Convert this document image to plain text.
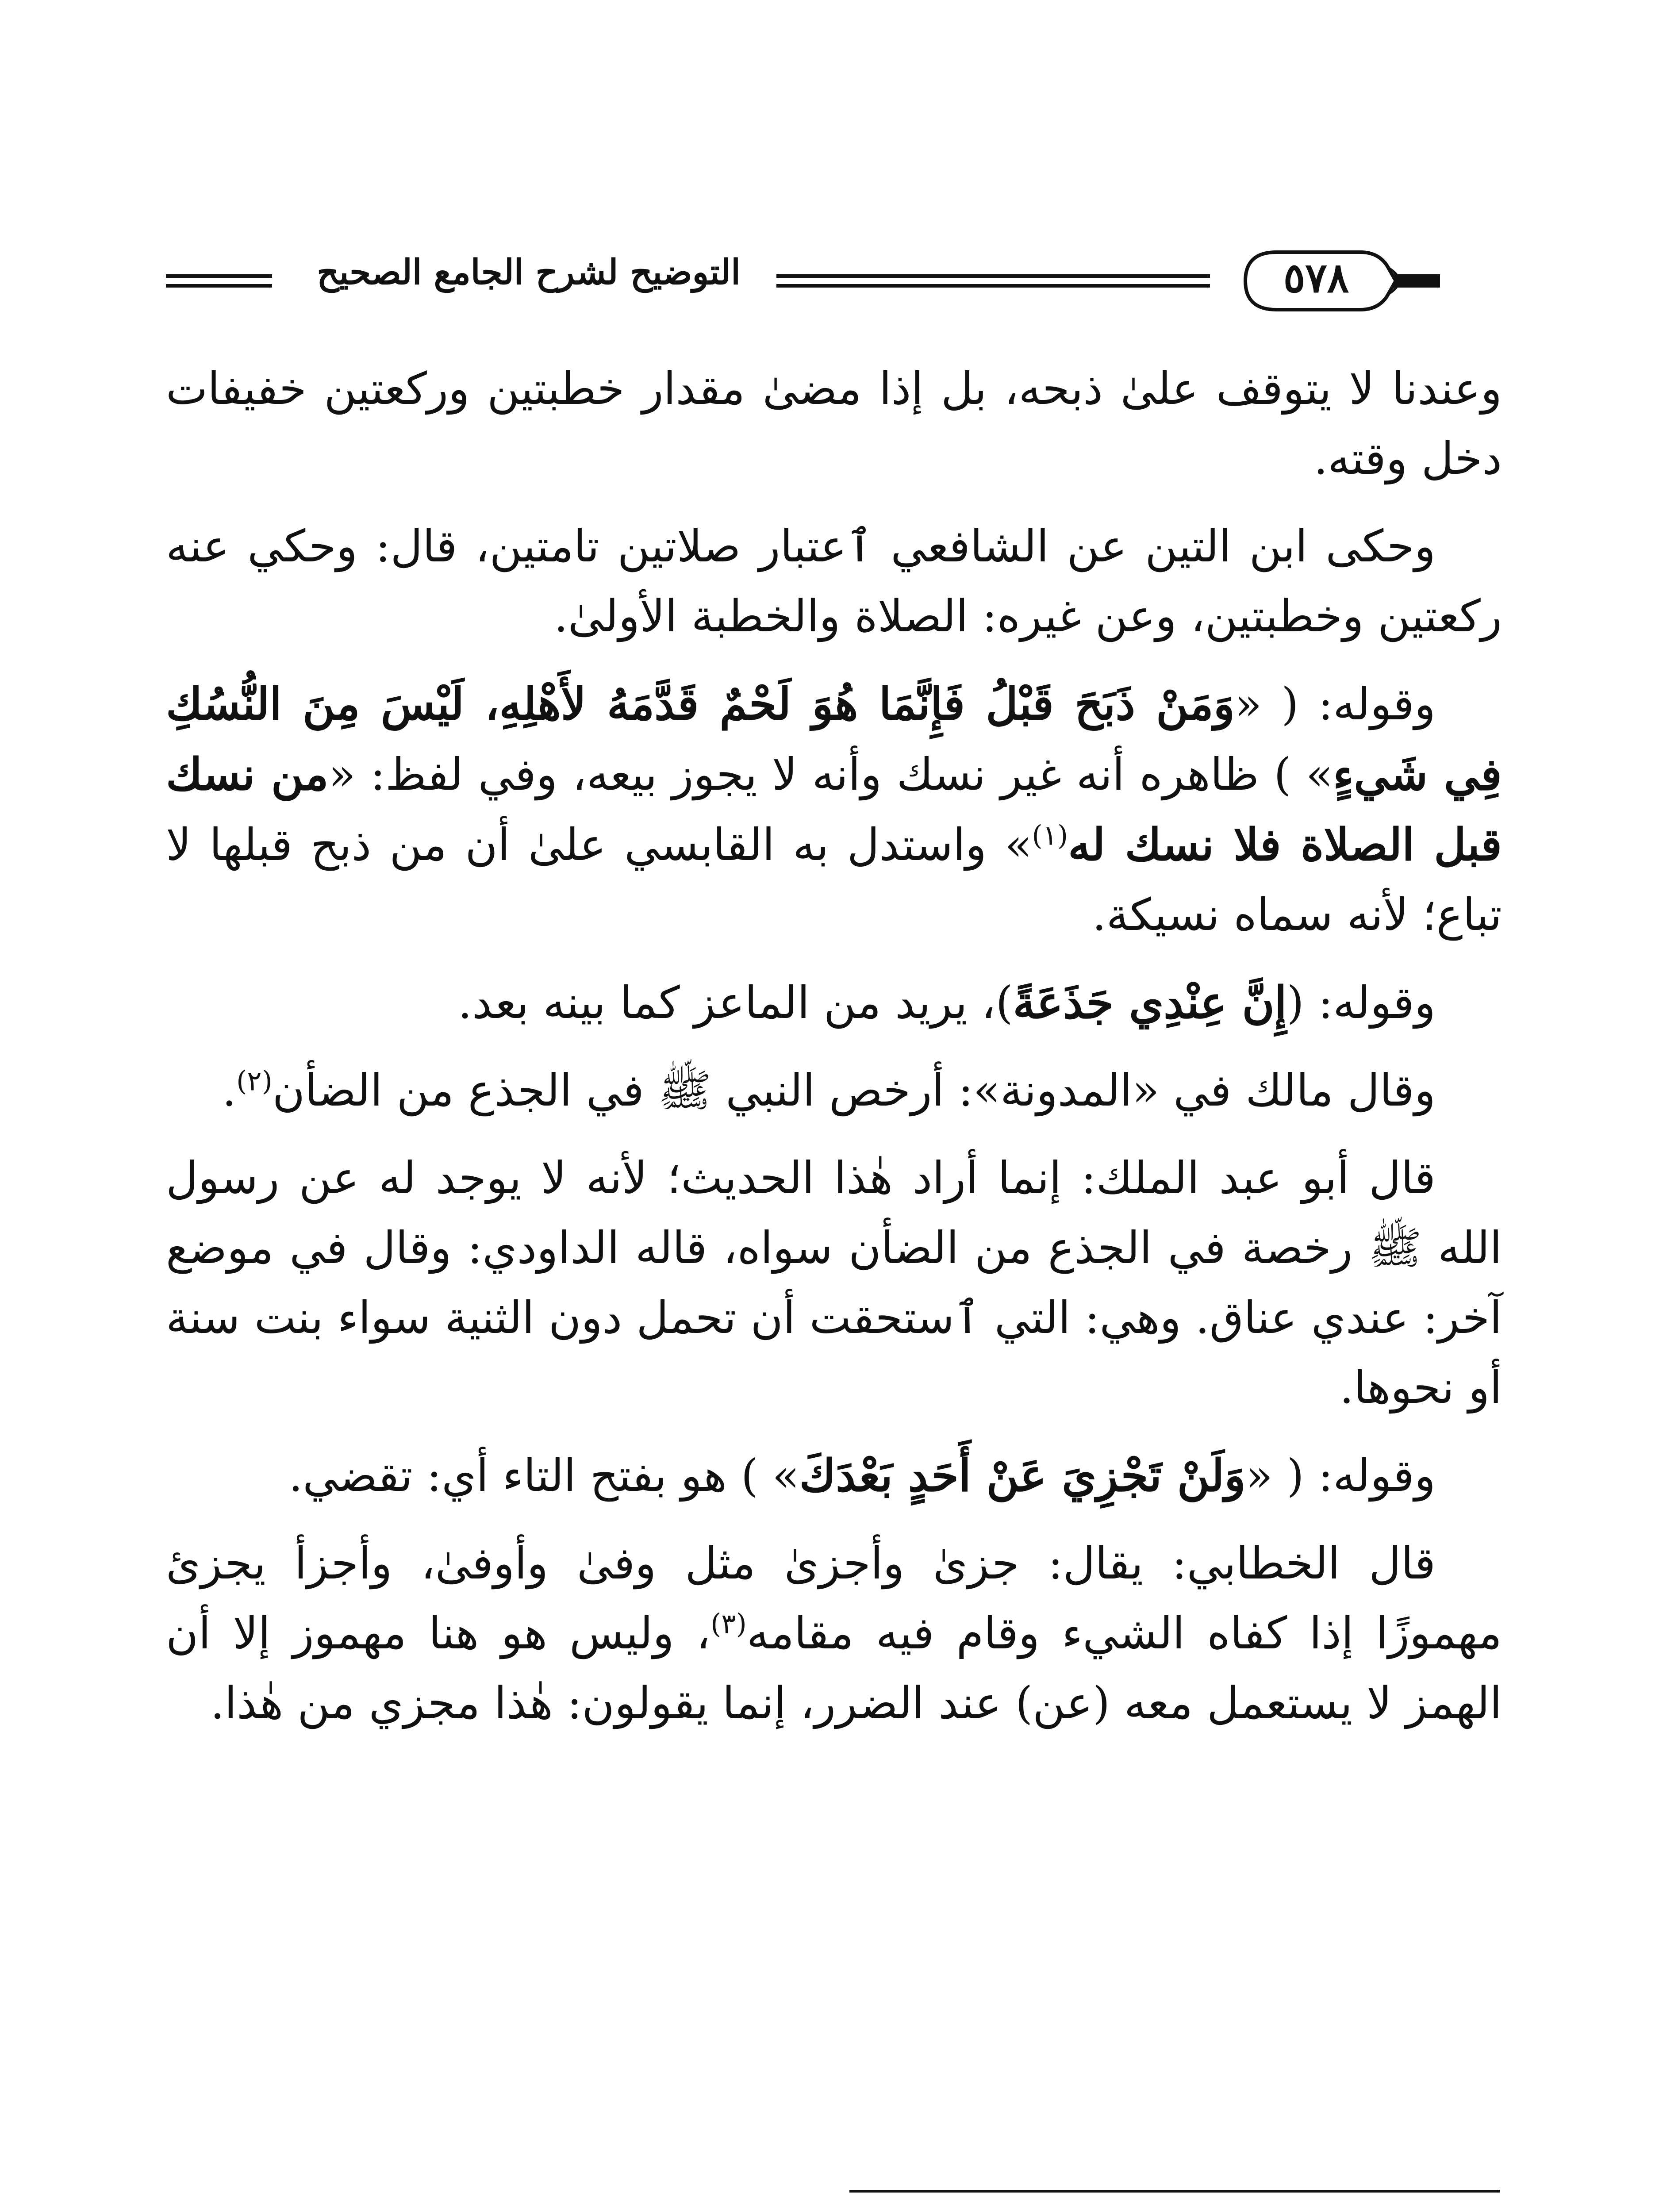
التوضيح لشرح الجامع الصحيح	٥٧٨

وعندنا لا يتوقف علىٰ ذبحه، بل إذا مضىٰ مقدار خطبتين وركعتين خفيفات دخل وقته.

وحكى ابن التين عن الشافعي ٱعتبار صلاتين تامتين، قال: وحكي عنه ركعتين وخطبتين، وعن غيره: الصلاة والخطبة الأولىٰ.

وقوله: ( «وَمَنْ ذَبَحَ قَبْلُ فَإِنَّمَا هُوَ لَحْمٌ قَدَّمَهُ لأَهْلِهِ، لَيْسَ مِنَ النُّسُكِ فِي شَيءٍ» ) ظاهره أنه غير نسك وأنه لا يجوز بيعه، وفي لفظ: «من نسك قبل الصلاة فلا نسك له$^{(١)}$» واستدل به القابسي علىٰ أن من ذبح قبلها لا تباع؛ لأنه سماه نسيكة.

وقوله: (إِنَّ عِنْدِي جَذَعَةً)، يريد من الماعز كما بينه بعد.

وقال مالك في «المدونة»: أرخص النبي ﷺ في الجذع من الضأن$^{(٢)}$.

قال أبو عبد الملك: إنما أراد هٰذا الحديث؛ لأنه لا يوجد له عن رسول الله ﷺ رخصة في الجذع من الضأن سواه، قاله الداودي: وقال في موضع آخر: عندي عناق. وهي: التي ٱستحقت أن تحمل دون الثنية سواء بنت سنة أو نحوها.

وقوله: ( «وَلَنْ تَجْزِيَ عَنْ أَحَدٍ بَعْدَكَ» ) هو بفتح التاء أي: تقضي.

قال الخطابي: يقال: جزىٰ وأجزىٰ مثل وفىٰ وأوفىٰ، وأجزأ يجزئ مهموزًا إذا كفاه الشيء وقام فيه مقامه$^{(٣)}$، وليس هو هنا مهموز إلا أن الهمز لا يستعمل معه (عن) عند الضرر، إنما يقولون: هٰذا مجزي من هٰذا.
